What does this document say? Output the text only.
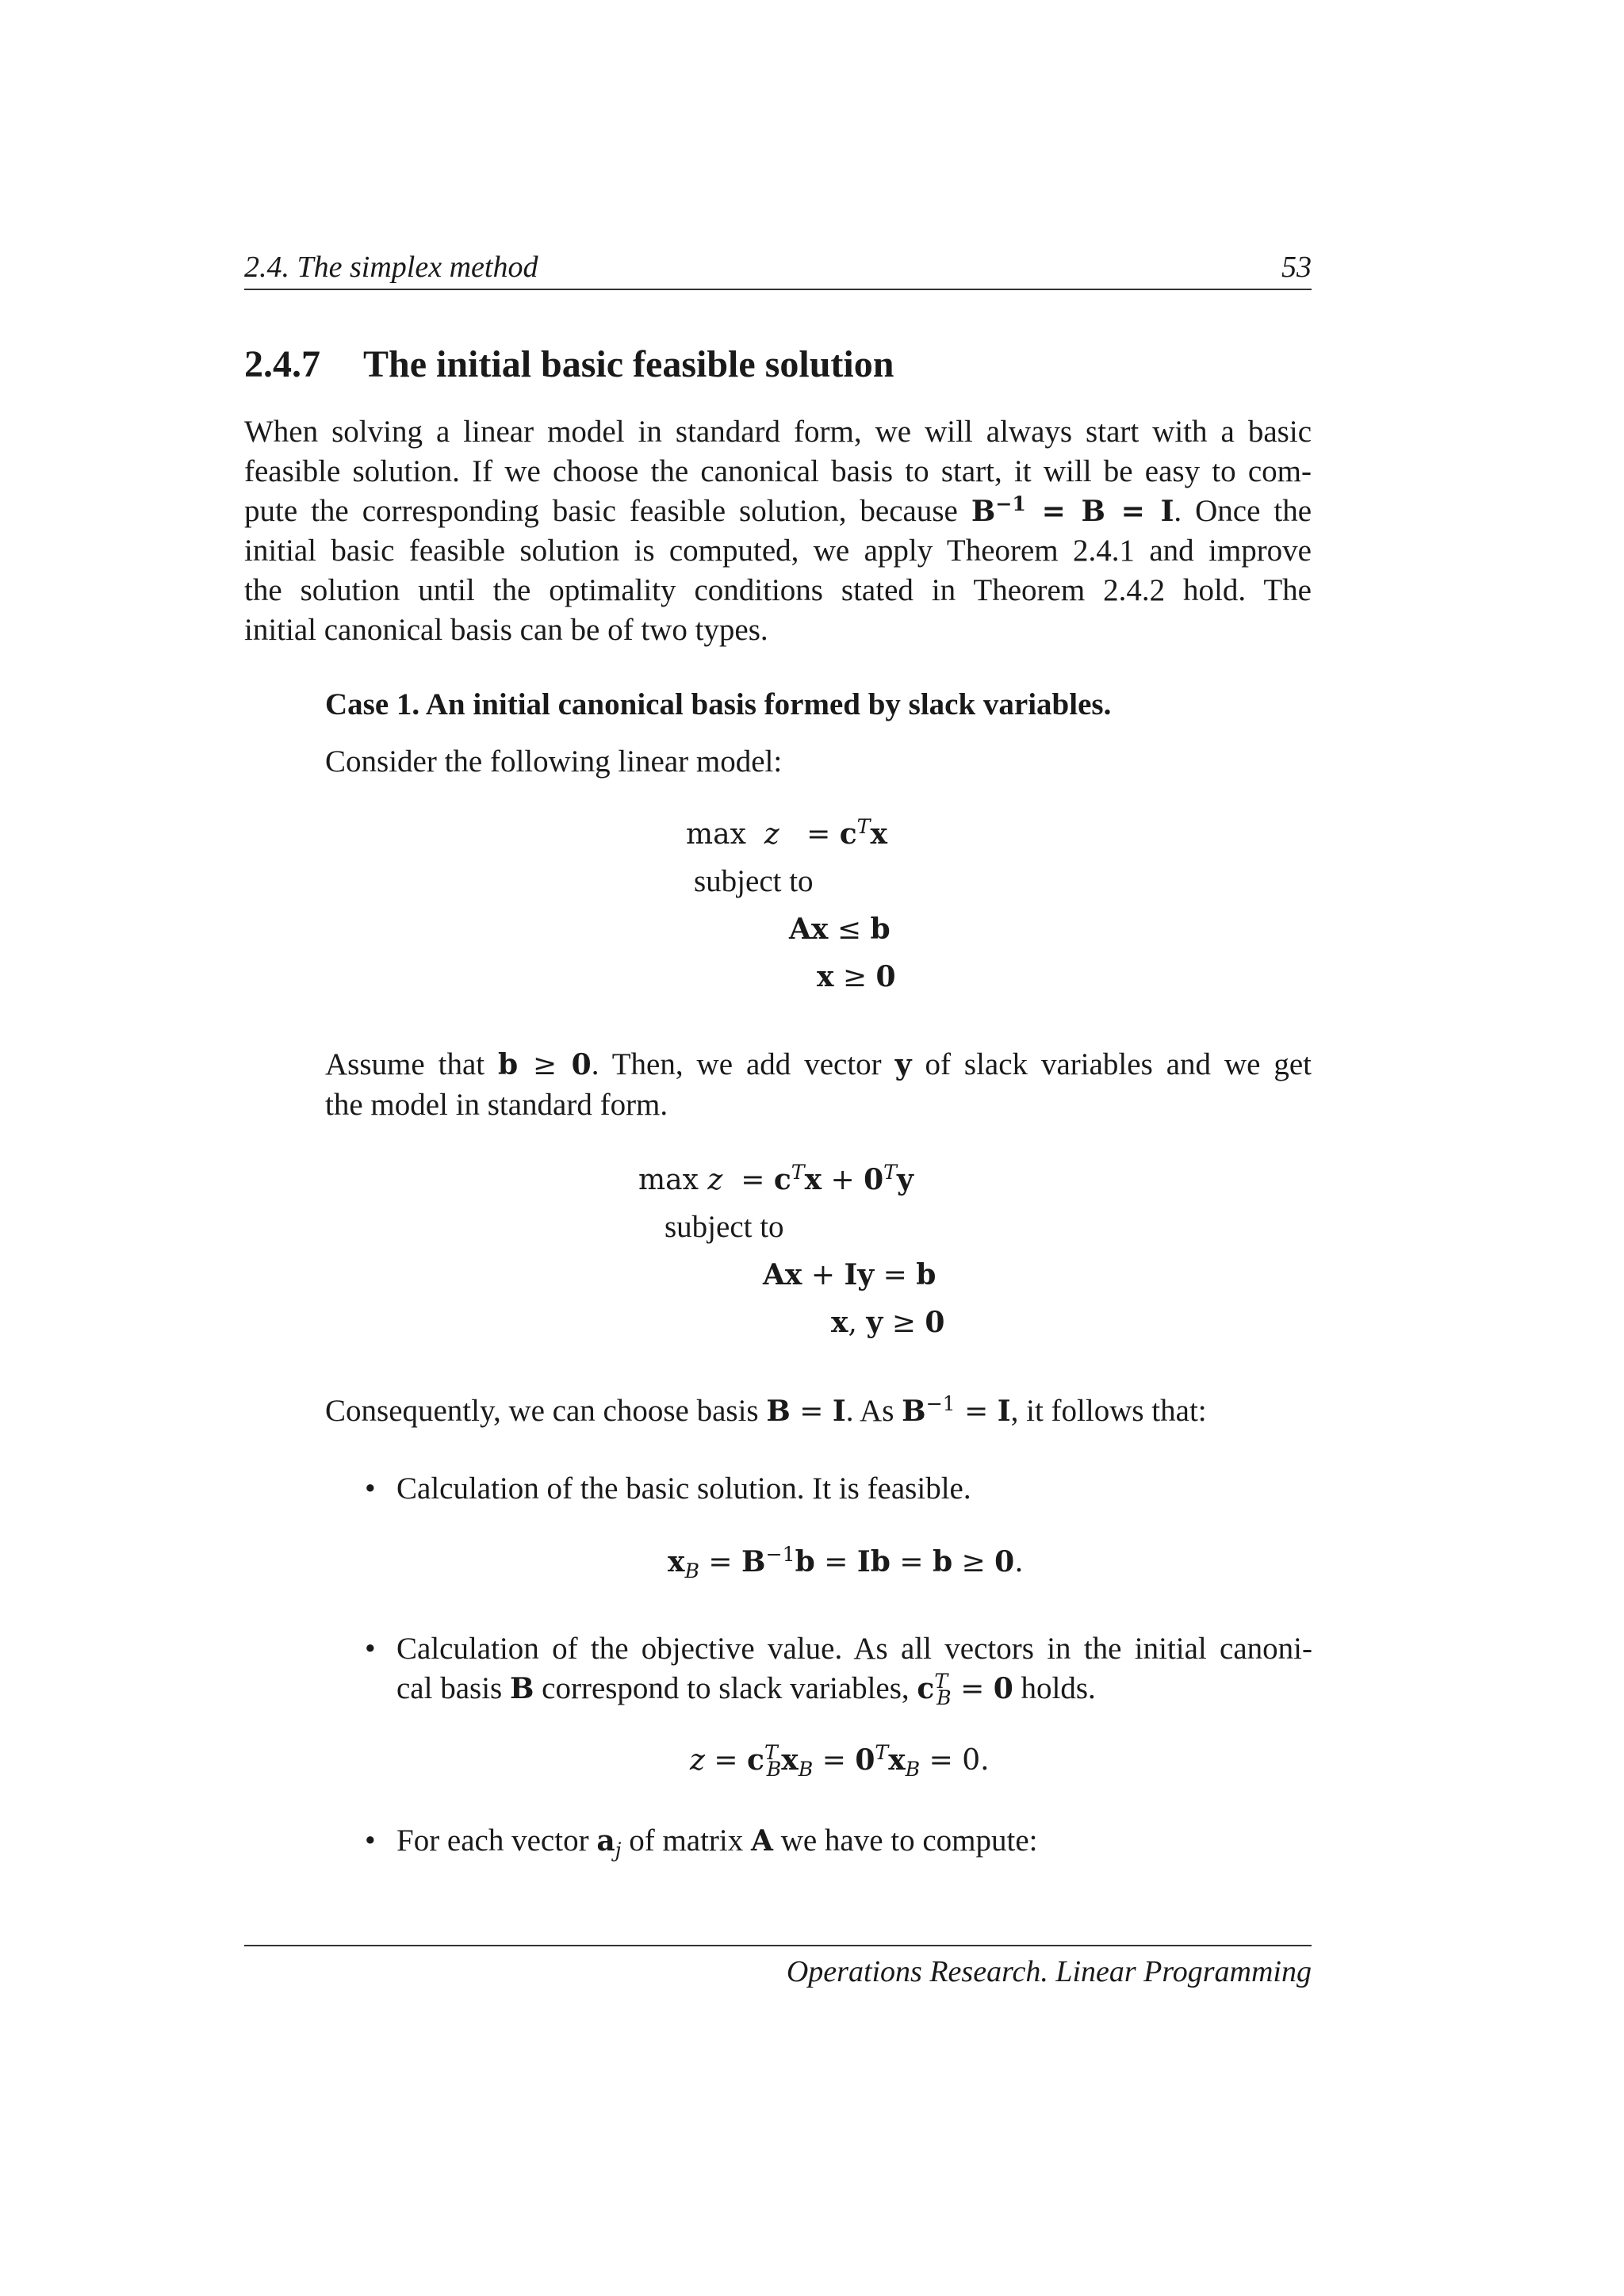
2.4. The simplex method	53
2.4.7 The initial basic feasible solution
When solving a linear model in standard form, we will always start with a basic
feasible solution. If we choose the canonical basis to start, it will be easy to com-
pute the corresponding basic feasible solution, because $B^{-1} = B = I$. Once the
initial basic feasible solution is computed, we apply Theorem 2.4.1 and improve
the solution until the optimality conditions stated in Theorem 2.4.2 hold. The
initial canonical basis can be of two types.
Case 1. An initial canonical basis formed by slack variables.
Consider the following linear model:
$\max z = c^Tx$
subject to
Ax ≤ b
x ≥ 0
Assume that b ≥ 0. Then, we add vector y of slack variables and we get
the model in standard form.
$\max z = c^Tx + 0^Ty$
subject to
Ax + Iy = b
x, y ≥ 0
Consequently, we can choose basis B = I. As $B^{-1} = I$, it follows that:
• Calculation of the basic solution. It is feasible.
$x_B = B^{-1}b = Ib = b \ge 0$.
• Calculation of the objective value. As all vectors in the initial canoni-
cal basis B correspond to slack variables, $c^T_B = 0$ holds.
$z = c^T_Bx_B = 0^Tx_B = 0$.
• For each vector $a_j$ of matrix A we have to compute:
Operations Research. Linear Programming
